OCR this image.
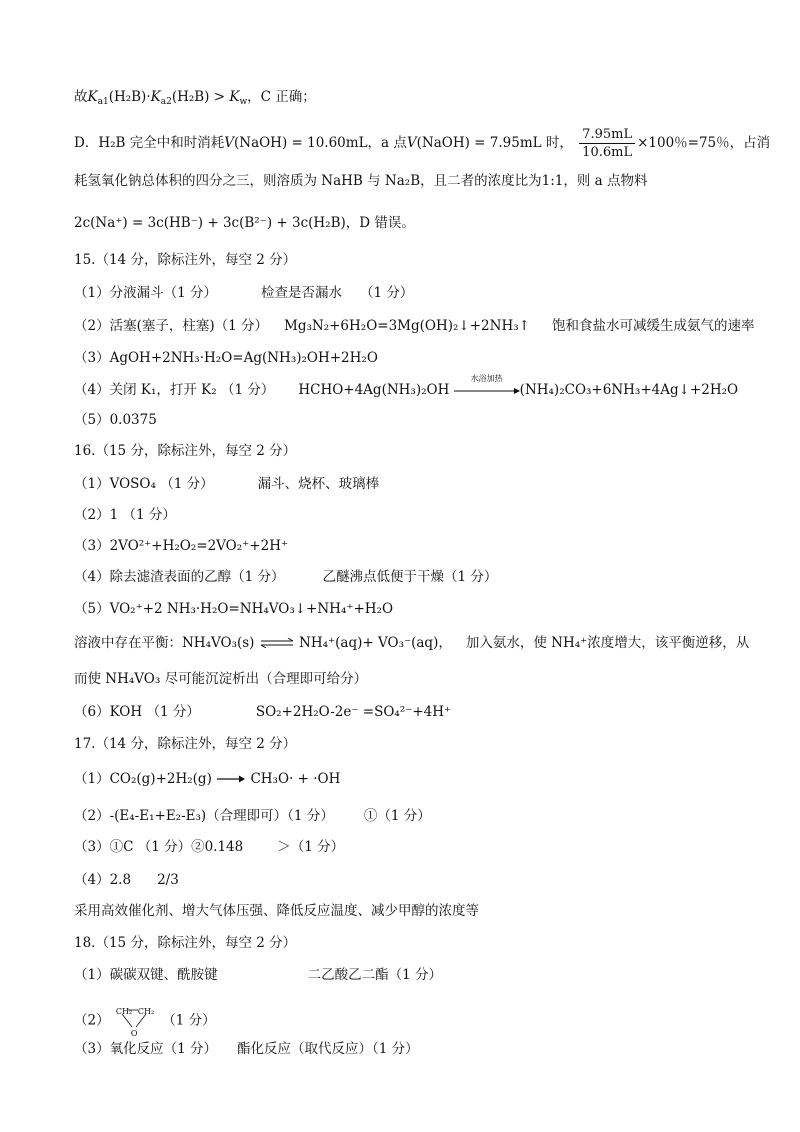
故$K_{a1}(H_2B)\cdot K_{a2}(H_2B) > K_w$，C 正确；
D．H₂B 完全中和时消耗V(NaOH) = 10.60mL，a 点V(NaOH) = 7.95mL 时， $\frac{7.95mL}{10.6mL} \times 100$％=75％，占消
耗氢氧化钠总体积的四分之三，则溶质为 NaHB 与 Na₂B，且二者的浓度比为1:1，则 a 点物料
2c(Na⁺) = 3c(HB⁻) + 3c(B²⁻) + 3c(H₂B)，D 错误。
15.（14 分，除标注外，每空 2 分）
（1）分液漏斗（1 分）	检查是否漏水 （1 分）
（2）活塞(塞子，柱塞)（1 分） Mg₃N₂+6H₂O=3Mg(OH)₂↓+2NH₃↑ 饱和食盐水可减缓生成氨气的速率
（3）AgOH+2NH₃·H₂O=Ag(NH₃)₂OH+2H₂O
（4）关闭 K₁，打开 K₂ （1 分） HCHO+4Ag(NH₃)₂OH
水浴加热
(NH₄)₂CO₃+6NH₃+4Ag↓+2H₂O
（5）0.0375
16.（15 分，除标注外，每空 2 分）
（1）VOSO₄ （1 分）	漏斗、烧杯、玻璃棒
（2）1 （1 分）
（3）2VO²⁺+H₂O₂=2VO₂⁺+2H⁺
（4）除去滤渣表面的乙醇（1 分）	乙醚沸点低便于干燥（1 分）
（5）VO₂⁺+2 NH₃·H₂O=NH₄VO₃↓+NH₄⁺+H₂O
溶液中存在平衡：NH₄VO₃(s) ⇌ NH₄⁺(aq)+ VO₃⁻(aq)， 加入氨水，使 NH₄⁺浓度增大，该平衡逆移，从
而使 NH₄VO₃ 尽可能沉淀析出（合理即可给分）
（6）KOH （1 分）	SO₂+2H₂O-2e⁻ =SO₄²⁻+4H⁺
17.（14 分，除标注外，每空 2 分）
（1）CO₂(g)+2H₂(g) → CH₃O· + ·OH
（2）-(E₄-E₁+E₂-E₃)（合理即可）（1 分） ①（1 分）
（3）①C （1 分）②0.148	＞（1 分）
（4）2.8 2/3
采用高效催化剂、增大气体压强、降低反应温度、减少甲醇的浓度等
18.（15 分，除标注外，每空 2 分）
（1）碳碳双键、酰胺键	二乙酸乙二酯（1 分）
（2）
CH₂ CH₂
O
（1 分）
（3）氧化反应（1 分） 酯化反应（取代反应）（1 分）
